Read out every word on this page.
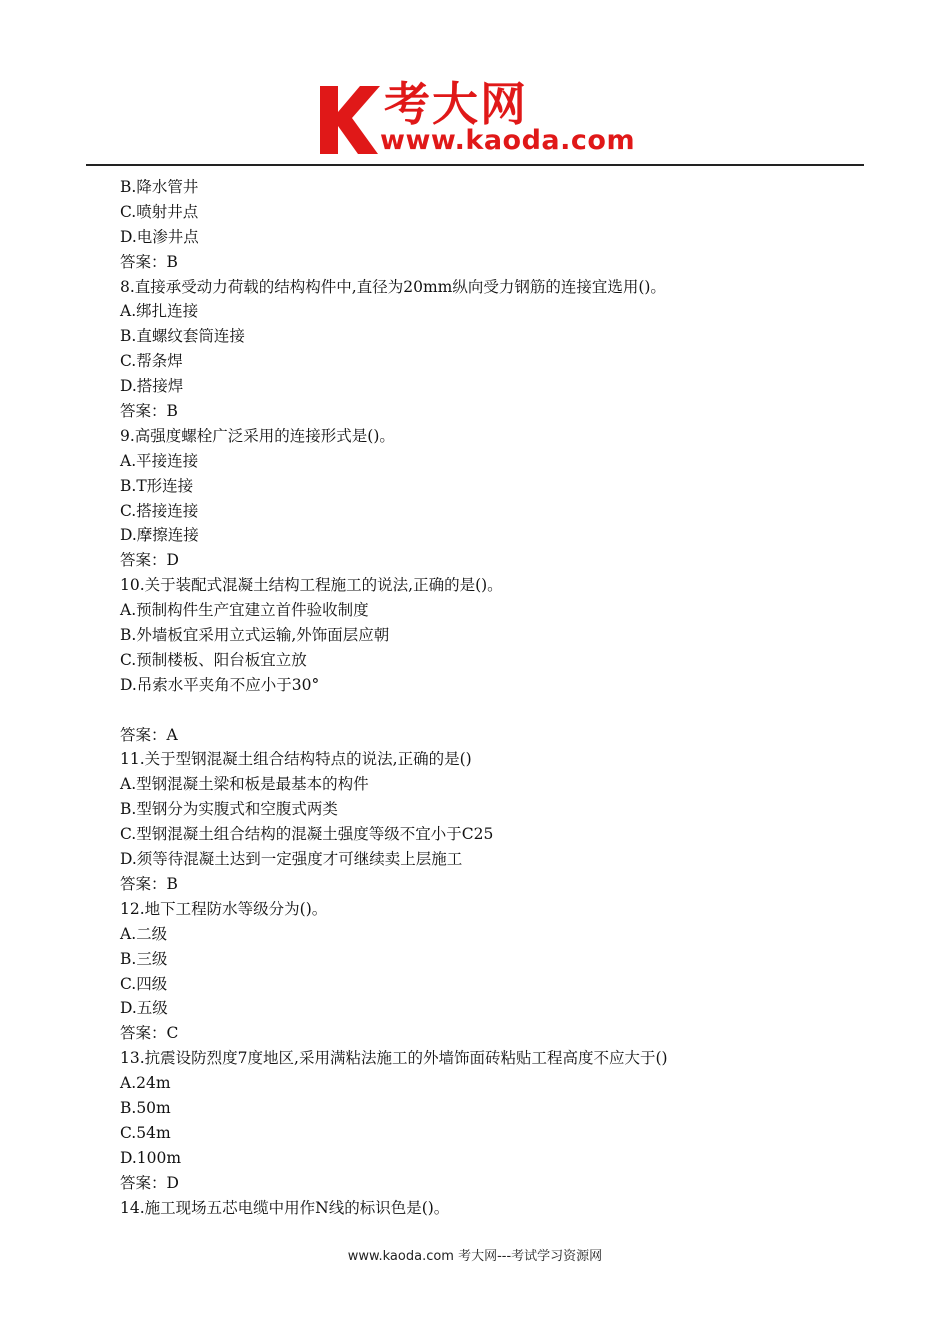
考大网
www.kaoda.com
B.降水管井
C.喷射井点
D.电渗井点
答案：B
8.直接承受动力荷载的结构构件中,直径为20mm纵向受力钢筋的连接宜选用()。
A.绑扎连接
B.直螺纹套筒连接
C.帮条焊
D.搭接焊
答案：B
9.高强度螺栓广泛采用的连接形式是()。
A.平接连接
B.T形连接
C.搭接连接
D.摩擦连接
答案：D
10.关于装配式混凝土结构工程施工的说法,正确的是()。
A.预制构件生产宜建立首件验收制度
B.外墙板宜采用立式运输,外饰面层应朝
C.预制楼板、阳台板宜立放
D.吊索水平夹角不应小于30°
答案：A
11.关于型钢混凝土组合结构特点的说法,正确的是()
A.型钢混凝土梁和板是最基本的构件
B.型钢分为实腹式和空腹式两类
C.型钢混凝土组合结构的混凝土强度等级不宜小于C25
D.须等待混凝土达到一定强度才可继续卖上层施工
答案：B
12.地下工程防水等级分为()。
A.二级
B.三级
C.四级
D.五级
答案：C
13.抗震设防烈度7度地区,采用满粘法施工的外墙饰面砖粘贴工程高度不应大于()
A.24m
B.50m
C.54m
D.100m
答案：D
14.施工现场五芯电缆中用作N线的标识色是()。
www.kaoda.com 考大网---考试学习资源网
